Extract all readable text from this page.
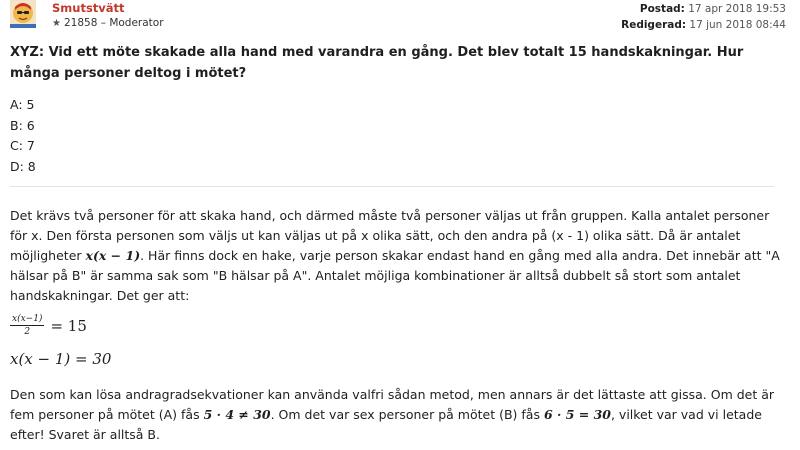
Smutstvätt
★ 21858 – Moderator
Postad: 17 apr 2018 19:53
Redigerad: 17 jun 2018 08:44
XYZ: Vid ett möte skakade alla hand med varandra en gång. Det blev totalt 15 handskakningar. Hur många personer deltog i mötet?
A: 5
B: 6
C: 7
D: 8

Det krävs två personer för att skaka hand, och därmed måste två personer väljas ut från gruppen. Kalla antalet personer för x. Den första personen som väljs ut kan väljas ut på x olika sätt, och den andra på (x - 1) olika sätt. Då är antalet möjligheter x(x − 1). Här finns dock en hake, varje person skakar endast hand en gång med alla andra. Det innebär att "A hälsar på B" är samma sak som "B hälsar på A". Antalet möjliga kombinationer är alltså dubbelt så stort som antalet handskakningar. Det ger att:

$\frac{x(x-1)}{2} = 15$
x(x − 1) = 30

Den som kan lösa andragradsekvationer kan använda valfri sådan metod, men annars är det lättaste att gissa. Om det är fem personer på mötet (A) fås 5 · 4 ≠ 30. Om det var sex personer på mötet (B) fås 6 · 5 = 30, vilket var vad vi letade efter! Svaret är alltså B.
